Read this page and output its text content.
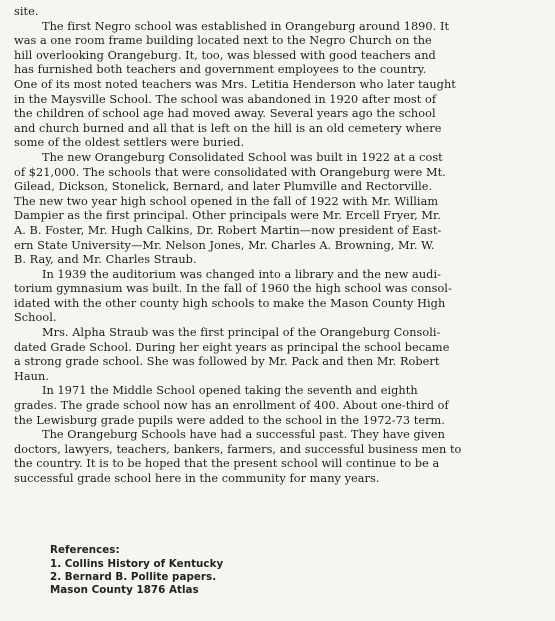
site.
The first Negro school was established in Orangeburg around 1890. It
was a one room frame building located next to the Negro Church on the
hill overlooking Orangeburg. It, too, was blessed with good teachers and
has furnished both teachers and government employees to the country.
One of its most noted teachers was Mrs. Letitia Henderson who later taught
in the Maysville School. The school was abandoned in 1920 after most of
the children of school age had moved away. Several years ago the school
and church burned and all that is left on the hill is an old cemetery where
some of the oldest settlers were buried.
The new Orangeburg Consolidated School was built in 1922 at a cost
of $21,000. The schools that were consolidated with Orangeburg were Mt.
Gilead, Dickson, Stonelick, Bernard, and later Plumville and Rectorville.
The new two year high school opened in the fall of 1922 with Mr. William
Dampier as the first principal. Other principals were Mr. Ercell Fryer, Mr.
A. B. Foster, Mr. Hugh Calkins, Dr. Robert Martin—now president of East-
ern State University—Mr. Nelson Jones, Mr. Charles A. Browning, Mr. W.
B. Ray, and Mr. Charles Straub.
In 1939 the auditorium was changed into a library and the new audi-
torium gymnasium was built. In the fall of 1960 the high school was consol-
idated with the other county high schools to make the Mason County High
School.
Mrs. Alpha Straub was the first principal of the Orangeburg Consoli-
dated Grade School. During her eight years as principal the school became
a strong grade school. She was followed by Mr. Pack and then Mr. Robert
Haun.
In 1971 the Middle School opened taking the seventh and eighth
grades. The grade school now has an enrollment of 400. About one-third of
the Lewisburg grade pupils were added to the school in the 1972-73 term.
The Orangeburg Schools have had a successful past. They have given
doctors, lawyers, teachers, bankers, farmers, and successful business men to
the country. It is to be hoped that the present school will continue to be a
successful grade school here in the community for many years.
References:
1. Collins History of Kentucky
2. Bernard B. Pollite papers.
Mason County 1876 Atlas
